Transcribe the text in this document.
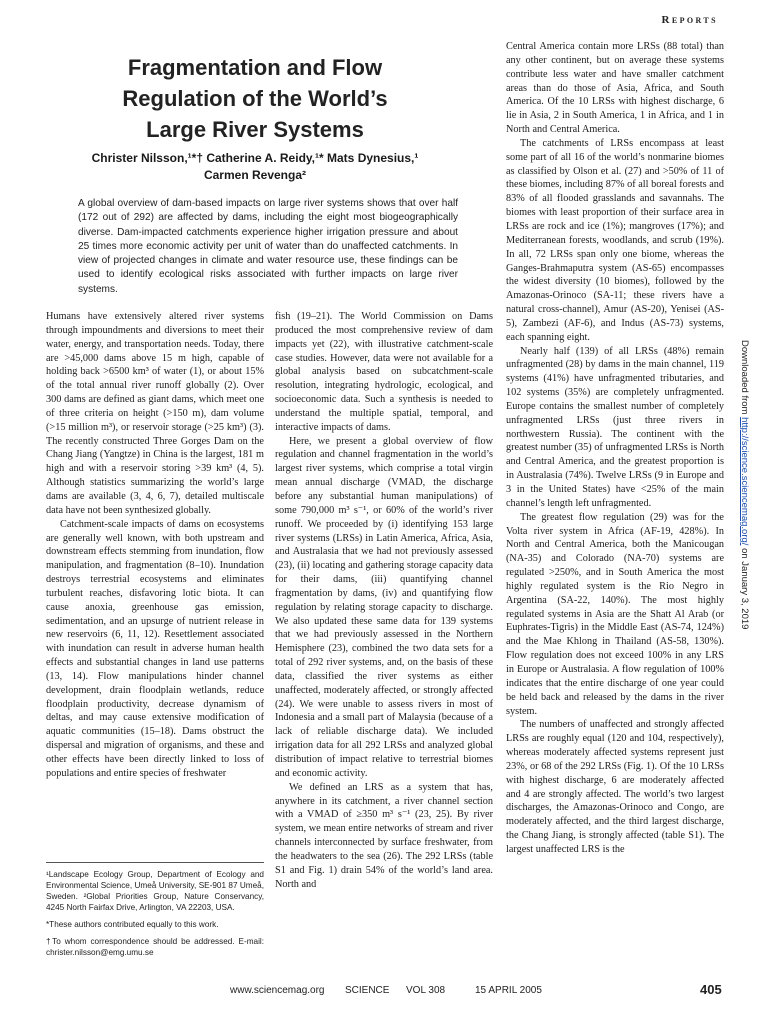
Reports
Fragmentation and Flow
Regulation of the World’s
Large River Systems
Christer Nilsson,¹*† Catherine A. Reidy,¹* Mats Dynesius,¹
Carmen Revenga²

A global overview of dam-based impacts on large river systems shows that over half (172 out of 292) are affected by dams, including the eight most biogeographically diverse. Dam-impacted catchments experience higher irrigation pressure and about 25 times more economic activity per unit of water than do unaffected catchments. In view of projected changes in climate and water resource use, these findings can be used to identify ecological risks associated with further impacts on large river systems.

Humans have extensively altered river systems through impoundments and diversions to meet their water, energy, and transportation needs. Today, there are >45,000 dams above 15 m high, capable of holding back >6500 km³ of water (1), or about 15% of the total annual river runoff globally (2). Over 300 dams are defined as giant dams, which meet one of three criteria on height (>150 m), dam volume (>15 million m³), or reservoir storage (>25 km³) (3). The recently constructed Three Gorges Dam on the Chang Jiang (Yangtze) in China is the largest, 181 m high and with a reservoir storing >39 km³ (4, 5). Although statistics summarizing the world’s large dams are available (3, 4, 6, 7), detailed multiscale data have not been synthesized globally.

Catchment-scale impacts of dams on ecosystems are generally well known, with both upstream and downstream effects stemming from inundation, flow manipulation, and fragmentation (8–10). Inundation destroys terrestrial ecosystems and eliminates turbulent reaches, disfavoring lotic biota. It can cause anoxia, greenhouse gas emission, sedimentation, and an upsurge of nutrient release in new reservoirs (6, 11, 12). Resettlement associated with inundation can result in adverse human health effects and substantial changes in land use patterns (13, 14). Flow manipulations hinder channel development, drain floodplain wetlands, reduce floodplain productivity, decrease dynamism of deltas, and may cause extensive modification of aquatic communities (15–18). Dams obstruct the dispersal and migration of organisms, and these and other effects have been directly linked to loss of populations and entire species of freshwater

fish (19–21). The World Commission on Dams produced the most comprehensive review of dam impacts yet (22), with illustrative catchment-scale case studies. However, data were not available for a global analysis based on subcatchment-scale resolution, integrating hydrologic, ecological, and socioeconomic data. Such a synthesis is needed to understand the multiple spatial, temporal, and interactive impacts of dams.

Here, we present a global overview of flow regulation and channel fragmentation in the world’s largest river systems, which comprise a total virgin mean annual discharge (VMAD, the discharge before any substantial human manipulations) of some 790,000 m³ s⁻¹, or 60% of the world’s river runoff. We proceeded by (i) identifying 153 large river systems (LRSs) in Latin America, Africa, Asia, and Australasia that we had not previously assessed (23), (ii) locating and gathering storage capacity data for their dams, (iii) quantifying channel fragmentation by dams, (iv) and quantifying flow regulation by relating storage capacity to discharge. We also updated these same data for 139 systems that we had previously assessed in the Northern Hemisphere (23), combined the two data sets for a total of 292 river systems, and, on the basis of these data, classified the river systems as either unaffected, moderately affected, or strongly affected (24). We were unable to assess rivers in most of Indonesia and a small part of Malaysia (because of a lack of reliable discharge data). We included irrigation data for all 292 LRSs and analyzed global distribution of impact relative to terrestrial biomes and economic activity.

We defined an LRS as a system that has, anywhere in its catchment, a river channel section with a VMAD of ≥350 m³ s⁻¹ (23, 25). By river system, we mean entire networks of stream and river channels interconnected by surface freshwater, from the headwaters to the sea (26). The 292 LRSs (table S1 and Fig. 1) drain 54% of the world’s land area. North and

Central America contain more LRSs (88 total) than any other continent, but on average these systems contribute less water and have smaller catchment areas than do those of Asia, Africa, and South America. Of the 10 LRSs with highest discharge, 6 lie in Asia, 2 in South America, 1 in Africa, and 1 in North and Central America.

The catchments of LRSs encompass at least some part of all 16 of the world’s nonmarine biomes as classified by Olson et al. (27) and >50% of 11 of these biomes, including 87% of all boreal forests and 83% of all flooded grasslands and savannahs. The biomes with least proportion of their surface area in LRSs are rock and ice (1%); mangroves (17%); and Mediterranean forests, woodlands, and scrub (19%). In all, 72 LRSs span only one biome, whereas the Ganges-Brahmaputra system (AS-65) encompasses the widest diversity (10 biomes), followed by the Amazonas-Orinoco (SA-11; these rivers have a natural cross-channel), Amur (AS-20), Yenisei (AS-5), Zambezi (AF-6), and Indus (AS-73) systems, each spanning eight.

Nearly half (139) of all LRSs (48%) remain unfragmented (28) by dams in the main channel, 119 systems (41%) have unfragmented tributaries, and 102 systems (35%) are completely unfragmented. Europe contains the smallest number of completely unfragmented LRSs (just three rivers in northwestern Russia). The continent with the greatest number (35) of unfragmented LRSs is North and Central America, and the greatest proportion is in Australasia (74%). Twelve LRSs (9 in Europe and 3 in the United States) have <25% of the main channel’s length left unfragmented.

The greatest flow regulation (29) was for the Volta river system in Africa (AF-19, 428%). In North and Central America, both the Manicougan (NA-35) and Colorado (NA-70) systems are regulated >250%, and in South America the most highly regulated system is the Rio Negro in Argentina (SA-22, 140%). The most highly regulated systems in Asia are the Shatt Al Arab (or Euphrates-Tigris) in the Middle East (AS-74, 124%) and the Mae Khlong in Thailand (AS-58, 130%). Flow regulation does not exceed 100% in any LRS in Europe or Australasia. A flow regulation of 100% indicates that the entire discharge of one year could be held back and released by the dams in the river system.

The numbers of unaffected and strongly affected LRSs are roughly equal (120 and 104, respectively), whereas moderately affected systems represent just 23%, or 68 of the 292 LRSs (Fig. 1). Of the 10 LRSs with highest discharge, 6 are moderately affected and 4 are strongly affected. The world’s two largest discharges, the Amazonas-Orinoco and Congo, are moderately affected, and the third largest discharge, the Chang Jiang, is strongly affected (table S1). The largest unaffected LRS is the

¹Landscape Ecology Group, Department of Ecology and Environmental Science, Umeå University, SE-901 87 Umeå, Sweden. ²Global Priorities Group, Nature Conservancy, 4245 North Fairfax Drive, Arlington, VA 22203, USA.

*These authors contributed equally to this work.

†To whom correspondence should be addressed. E-mail: christer.nilsson@emg.umu.se

www.sciencemag.org SCIENCE VOL 308	15 APRIL 2005	405
Downloaded from http://science.sciencemag.org/ on January 3, 2019
